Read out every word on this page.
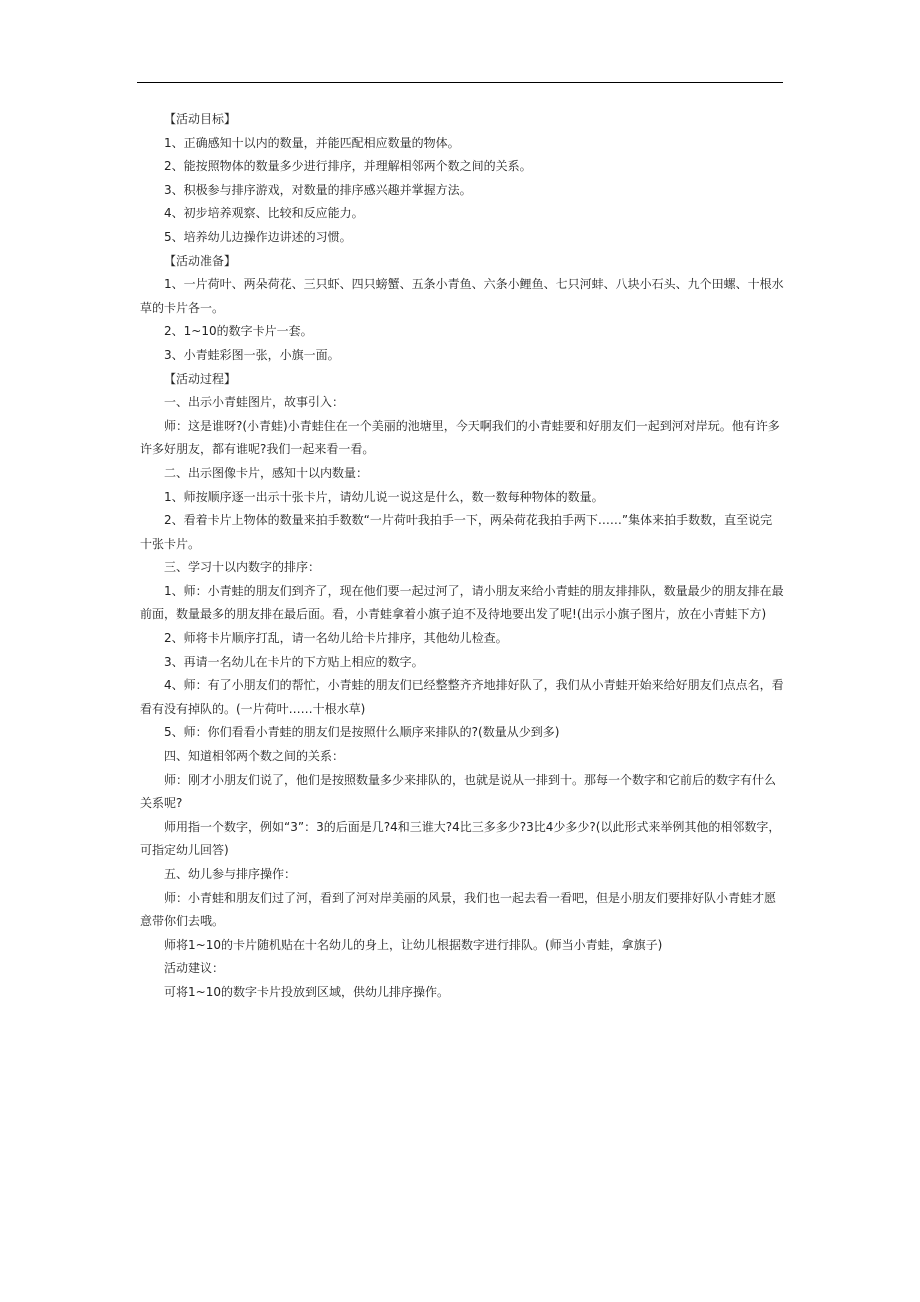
【活动目标】

1、正确感知十以内的数量，并能匹配相应数量的物体。

2、能按照物体的数量多少进行排序，并理解相邻两个数之间的关系。

3、积极参与排序游戏，对数量的排序感兴趣并掌握方法。

4、初步培养观察、比较和反应能力。

5、培养幼儿边操作边讲述的习惯。

【活动准备】

1、一片荷叶、两朵荷花、三只虾、四只螃蟹、五条小青鱼、六条小鲤鱼、七只河蚌、八块小石头、九个田螺、十根水草的卡片各一。

2、1~10的数字卡片一套。

3、小青蛙彩图一张，小旗一面。

【活动过程】

一、出示小青蛙图片，故事引入：

师：这是谁呀?(小青蛙)小青蛙住在一个美丽的池塘里，今天啊我们的小青蛙要和好朋友们一起到河对岸玩。他有许多许多好朋友，都有谁呢?我们一起来看一看。

二、出示图像卡片，感知十以内数量：

1、师按顺序逐一出示十张卡片，请幼儿说一说这是什么，数一数每种物体的数量。

2、看着卡片上物体的数量来拍手数数“一片荷叶我拍手一下，两朵荷花我拍手两下……”集体来拍手数数，直至说完十张卡片。

三、学习十以内数字的排序：

1、师：小青蛙的朋友们到齐了，现在他们要一起过河了，请小朋友来给小青蛙的朋友排排队，数量最少的朋友排在最前面，数量最多的朋友排在最后面。看，小青蛙拿着小旗子迫不及待地要出发了呢!(出示小旗子图片，放在小青蛙下方)

2、师将卡片顺序打乱，请一名幼儿给卡片排序，其他幼儿检查。

3、再请一名幼儿在卡片的下方贴上相应的数字。

4、师：有了小朋友们的帮忙，小青蛙的朋友们已经整整齐齐地排好队了，我们从小青蛙开始来给好朋友们点点名，看看有没有掉队的。(一片荷叶……十根水草)

5、师：你们看看小青蛙的朋友们是按照什么顺序来排队的?(数量从少到多)

四、知道相邻两个数之间的关系：

师：刚才小朋友们说了，他们是按照数量多少来排队的，也就是说从一排到十。那每一个数字和它前后的数字有什么关系呢?

师用指一个数字，例如“3”：3的后面是几?4和三谁大?4比三多多少?3比4少多少?(以此形式来举例其他的相邻数字，可指定幼儿回答)

五、幼儿参与排序操作：

师：小青蛙和朋友们过了河，看到了河对岸美丽的风景，我们也一起去看一看吧，但是小朋友们要排好队小青蛙才愿意带你们去哦。

师将1~10的卡片随机贴在十名幼儿的身上，让幼儿根据数字进行排队。(师当小青蛙，拿旗子)

活动建议：

可将1~10的数字卡片投放到区域，供幼儿排序操作。
